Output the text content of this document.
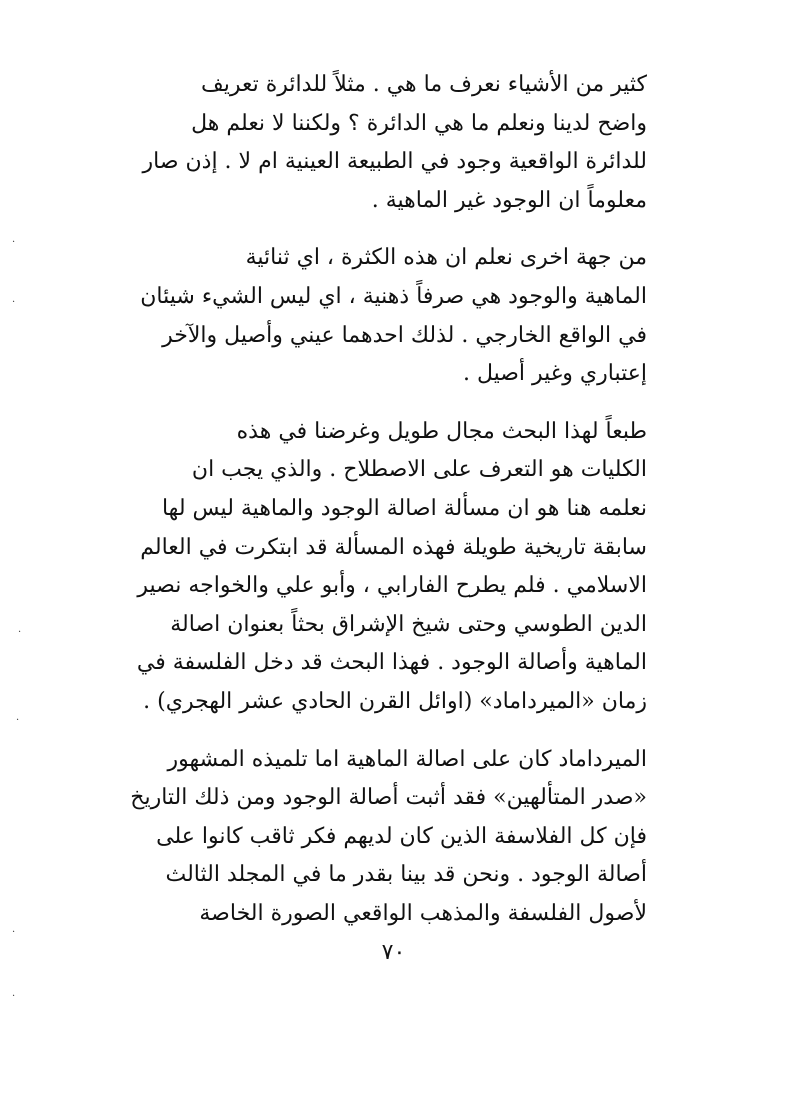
كثير من الأشياء نعرف ما هي . مثلاً للدائرة تعريف
واضح لدينا ونعلم ما هي الدائرة ؟ ولكننا لا نعلم هل
للدائرة الواقعية وجود في الطبيعة العينية ام لا . إذن صار
معلوماً ان الوجود غير الماهية .
من جهة اخرى نعلم ان هذه الكثرة ، اي ثنائية
الماهية والوجود هي صرفاً ذهنية ، اي ليس الشيء شيئان
في الواقع الخارجي . لذلك احدهما عيني وأصيل والآخر
إعتباري وغير أصيل .
طبعاً لهذا البحث مجال طويل وغرضنا في هذه
الكليات هو التعرف على الاصطلاح . والذي يجب ان
نعلمه هنا هو ان مسألة اصالة الوجود والماهية ليس لها
سابقة تاريخية طويلة فهذه المسألة قد ابتكرت في العالم
الاسلامي . فلم يطرح الفارابي ، وأبو علي والخواجه نصير
الدين الطوسي وحتى شيخ الإشراق بحثاً بعنوان اصالة
الماهية وأصالة الوجود . فهذا البحث قد دخل الفلسفة في
زمان «الميرداماد» (اوائل القرن الحادي عشر الهجري) .
الميرداماد كان على اصالة الماهية اما تلميذه المشهور
«صدر المتألهين» فقد أثبت أصالة الوجود ومن ذلك التاريخ
فإن كل الفلاسفة الذين كان لديهم فكر ثاقب كانوا على
أصالة الوجود . ونحن قد بينا بقدر ما في المجلد الثالث
لأصول الفلسفة والمذهب الواقعي الصورة الخاصة
٧٠
·
·
·
·
·
·
